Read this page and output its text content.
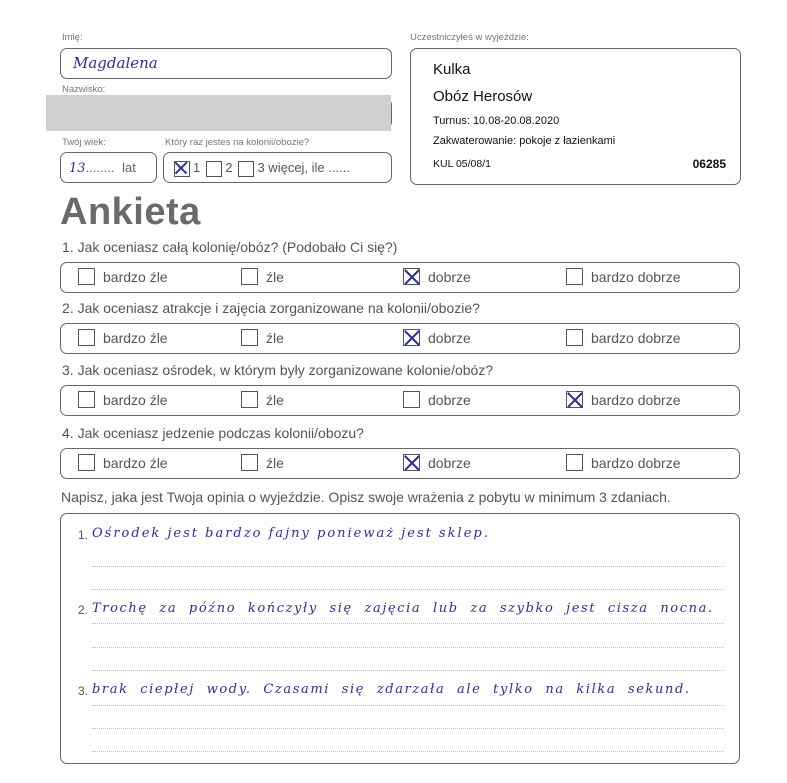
Imię:
Magdalena
Nazwisko:
Twój wiek:
13........ lat
Który raz jestes na kolonii/obozie?
1 2 3 więcej, ile ......
Uczestniczyłeś w wyjeździe:
Kulka
Obóz Herosów
Turnus: 10.08-20.08.2020
Zakwaterowanie: pokoje z łazienkami
KUL 05/08/1	06285
Ankieta
1. Jak oceniasz całą kolonię/obóz? (Podobało Ci się?)
bardzo źle	źle	dobrze	bardzo dobrze
2. Jak oceniasz atrakcje i zajęcia zorganizowane na kolonii/obozie?
bardzo źle	źle	dobrze	bardzo dobrze
3. Jak oceniasz ośrodek, w którym były zorganizowane kolonie/obóz?
bardzo źle	źle	dobrze	bardzo dobrze
4. Jak oceniasz jedzenie podczas kolonii/obozu?
bardzo źle	źle	dobrze	bardzo dobrze
Napisz, jaka jest Twoja opinia o wyjeździe. Opisz swoje wrażenia z pobytu w minimum 3 zdaniach.
1.
2.
3.
Ośrodek jest bardzo fajny ponieważ jest sklep.
Trochę za późno kończyły się zajęcia lub za szybko jest cisza nocna.
brak ciepłej wody. Czasami się zdarzała ale tylko na kilka sekund.
